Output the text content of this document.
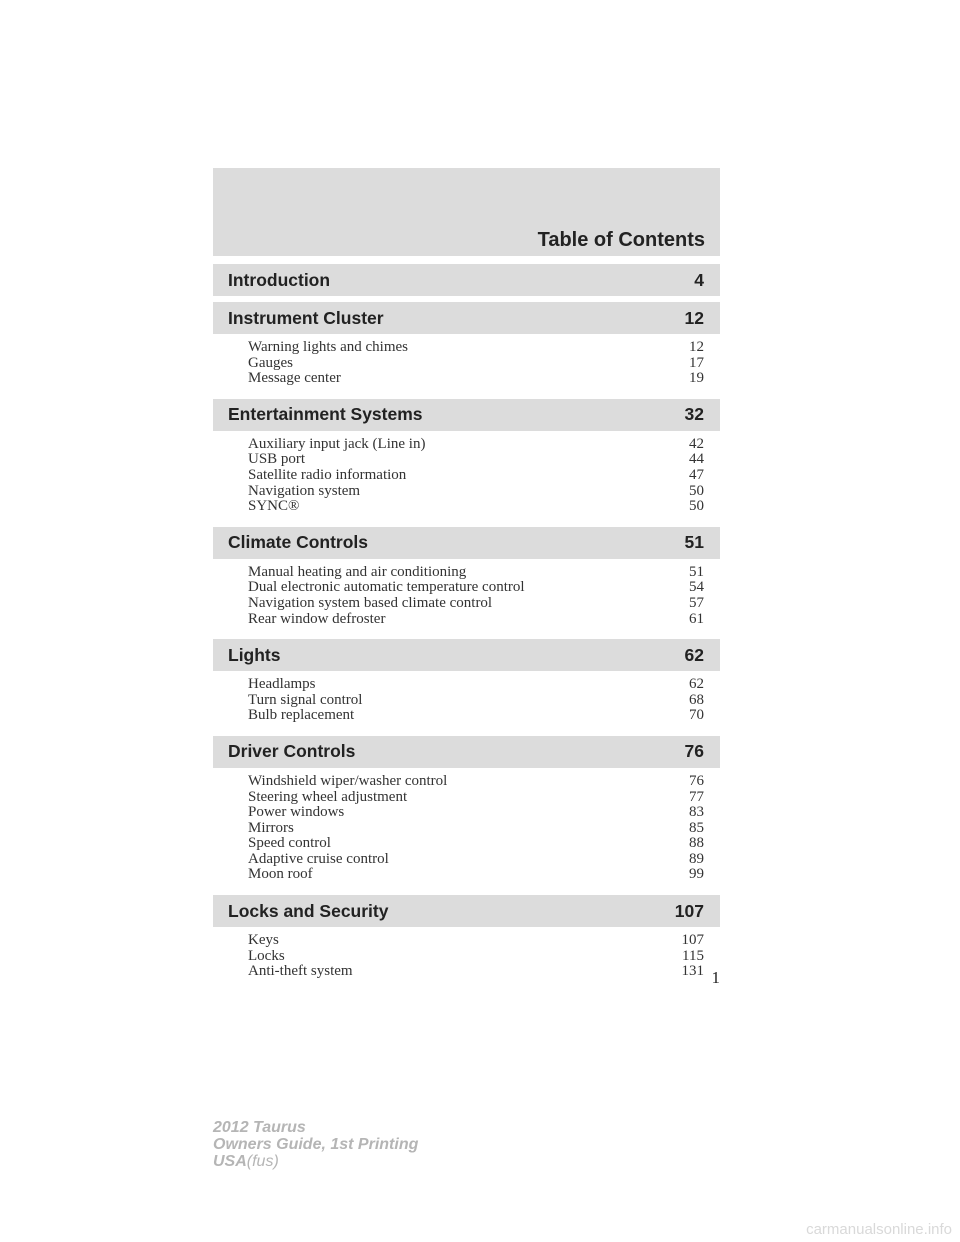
Table of Contents
Introduction	4
Instrument Cluster	12
Warning lights and chimes	12
Gauges	17
Message center	19
Entertainment Systems	32
Auxiliary input jack (Line in)	42
USB port	44
Satellite radio information	47
Navigation system	50
SYNC®	50
Climate Controls	51
Manual heating and air conditioning	51
Dual electronic automatic temperature control	54
Navigation system based climate control	57
Rear window defroster	61
Lights	62
Headlamps	62
Turn signal control	68
Bulb replacement	70
Driver Controls	76
Windshield wiper/washer control	76
Steering wheel adjustment	77
Power windows	83
Mirrors	85
Speed control	88
Adaptive cruise control	89
Moon roof	99
Locks and Security	107
Keys	107
Locks	115
Anti-theft system	131 1
2012 Taurus
Owners Guide, 1st Printing
USA(fus)
carmanualsonline.info
